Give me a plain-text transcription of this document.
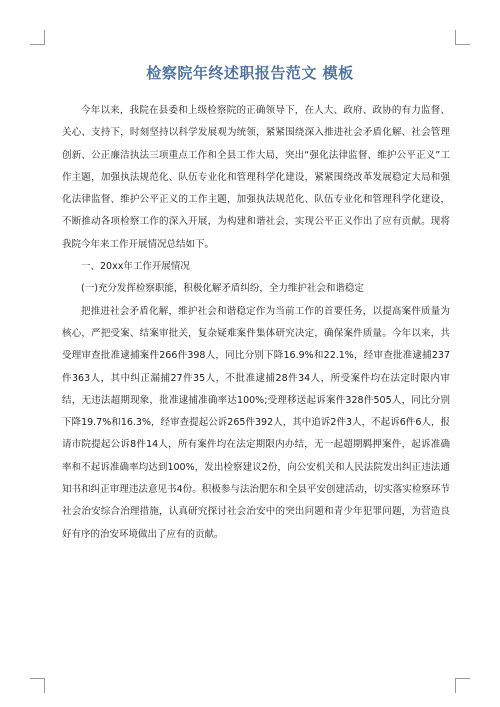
检察院年终述职报告范文 模板

今年以来，我院在县委和上级检察院的正确领导下，在人大、政府、政协的有力监督、关心、支持下，时刻坚持以科学发展观为统领，紧紧围绕深入推进社会矛盾化解、社会管理创新、公正廉洁执法三项重点工作和全县工作大局，突出“强化法律监督、维护公平正义”工作主题，加强执法规范化、队伍专业化和管理科学化建设，紧紧围绕改革发展稳定大局和强化法律监督、维护公平正义的工作主题，加强执法规范化、队伍专业化和管理科学化建设，不断推动各项检察工作的深入开展，为构建和谐社会，实现公平正义作出了应有贡献。现将我院今年来工作开展情况总结如下。

一、20xx年工作开展情况

(一)充分发挥检察职能，积极化解矛盾纠纷，全力维护社会和谐稳定

把推进社会矛盾化解，维护社会和谐稳定作为当前工作的首要任务，以提高案件质量为核心，严把受案、结案审批关，复杂疑难案件集体研究决定，确保案件质量。今年以来，共受理审查批准逮捕案件266件398人，同比分别下降16.9%和22.1%，经审查批准逮捕237件363人，其中纠正漏捕27件35人，不批准逮捕28件34人，所受案件均在法定时限内审结，无违法超期现象，批准逮捕准确率达100%;受理移送起诉案件328件505人，同比分别下降19.7%和16.3%，经审查提起公诉265件392人，其中追诉2件3人，不起诉6件6人，报请市院提起公诉8件14人，所有案件均在法定期限内办结，无一起超期羁押案件，起诉准确率和不起诉准确率均达到100%，发出检察建议2份，向公安机关和人民法院发出纠正违法通知书和纠正审理违法意见书4份。积极参与法治肥东和全县平安创建活动，切实落实检察环节社会治安综合治理措施，认真研究探讨社会治安中的突出问题和青少年犯罪问题，为营造良好有序的治安环境做出了应有的贡献。
